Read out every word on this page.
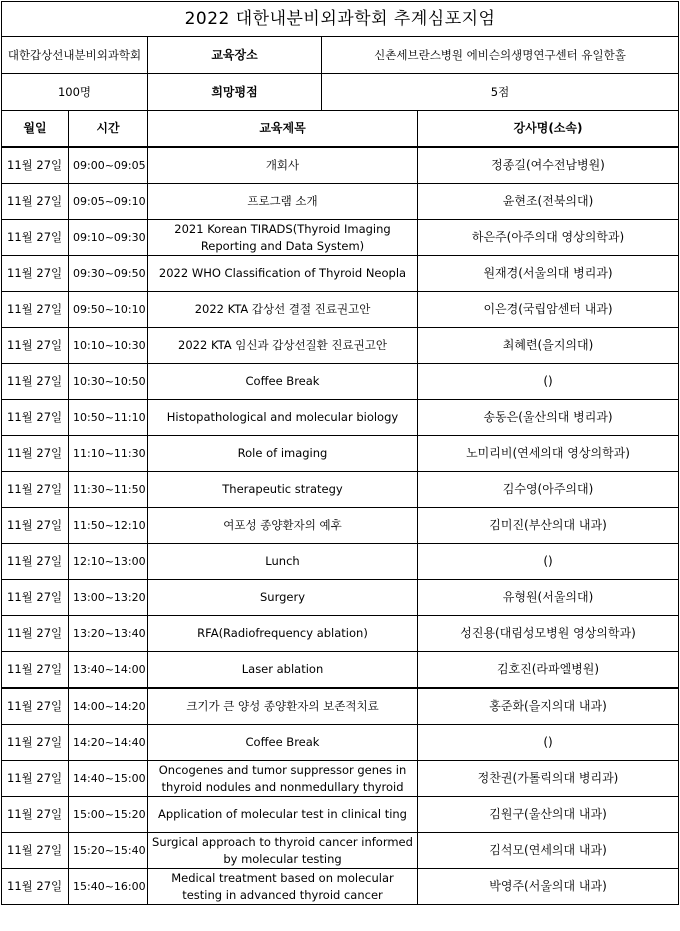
2022 대한내분비외과학회 추계심포지엄				
대한갑상선내분비외과학회		교육장소	신촌세브란스병원 에비슨의생명연구센터 유일한홀	
100명		희망평점	5점	
월일	시간	교육제목		강사명(소속)
11월 27일	09:00~09:05	개회사		정종길(여수전남병원)
11월 27일	09:05~09:10	프로그램 소개		윤현조(전북의대)
11월 27일	09:10~09:30	2021 Korean TIRADS(Thyroid Imaging Reporting and Data System)		하은주(아주의대 영상의학과)
11월 27일	09:30~09:50	2022 WHO Classification of Thyroid Neopla		원재경(서울의대 병리과)
11월 27일	09:50~10:10	2022 KTA 갑상선 결절 진료권고안		이은경(국립암센터 내과)
11월 27일	10:10~10:30	2022 KTA 임신과 갑상선질환 진료권고안		최혜련(을지의대)
11월 27일	10:30~10:50	Coffee Break		()
11월 27일	10:50~11:10	Histopathological and molecular biology		송동은(울산의대 병리과)
11월 27일	11:10~11:30	Role of imaging		노미리비(연세의대 영상의학과)
11월 27일	11:30~11:50	Therapeutic strategy		김수영(아주의대)
11월 27일	11:50~12:10	여포성 종양환자의 예후		김미진(부산의대 내과)
11월 27일	12:10~13:00	Lunch		()
11월 27일	13:00~13:20	Surgery		유형원(서울의대)
11월 27일	13:20~13:40	RFA(Radiofrequency ablation)		성진용(대림성모병원 영상의학과)
11월 27일	13:40~14:00	Laser ablation		김호진(라파엘병원)
11월 27일	14:00~14:20	크기가 큰 양성 종양환자의 보존적치료		홍준화(을지의대 내과)
11월 27일	14:20~14:40	Coffee Break		()
11월 27일	14:40~15:00	Oncogenes and tumor suppressor genes in thyroid nodules and nonmedullary thyroid		정찬권(가톨릭의대 병리과)
11월 27일	15:00~15:20	Application of molecular test in clinical ting		김원구(울산의대 내과)
11월 27일	15:20~15:40	Surgical approach to thyroid cancer informed by molecular testing		김석모(연세의대 내과)
11월 27일	15:40~16:00	Medical treatment based on molecular testing in advanced thyroid cancer		박영주(서울의대 내과)
